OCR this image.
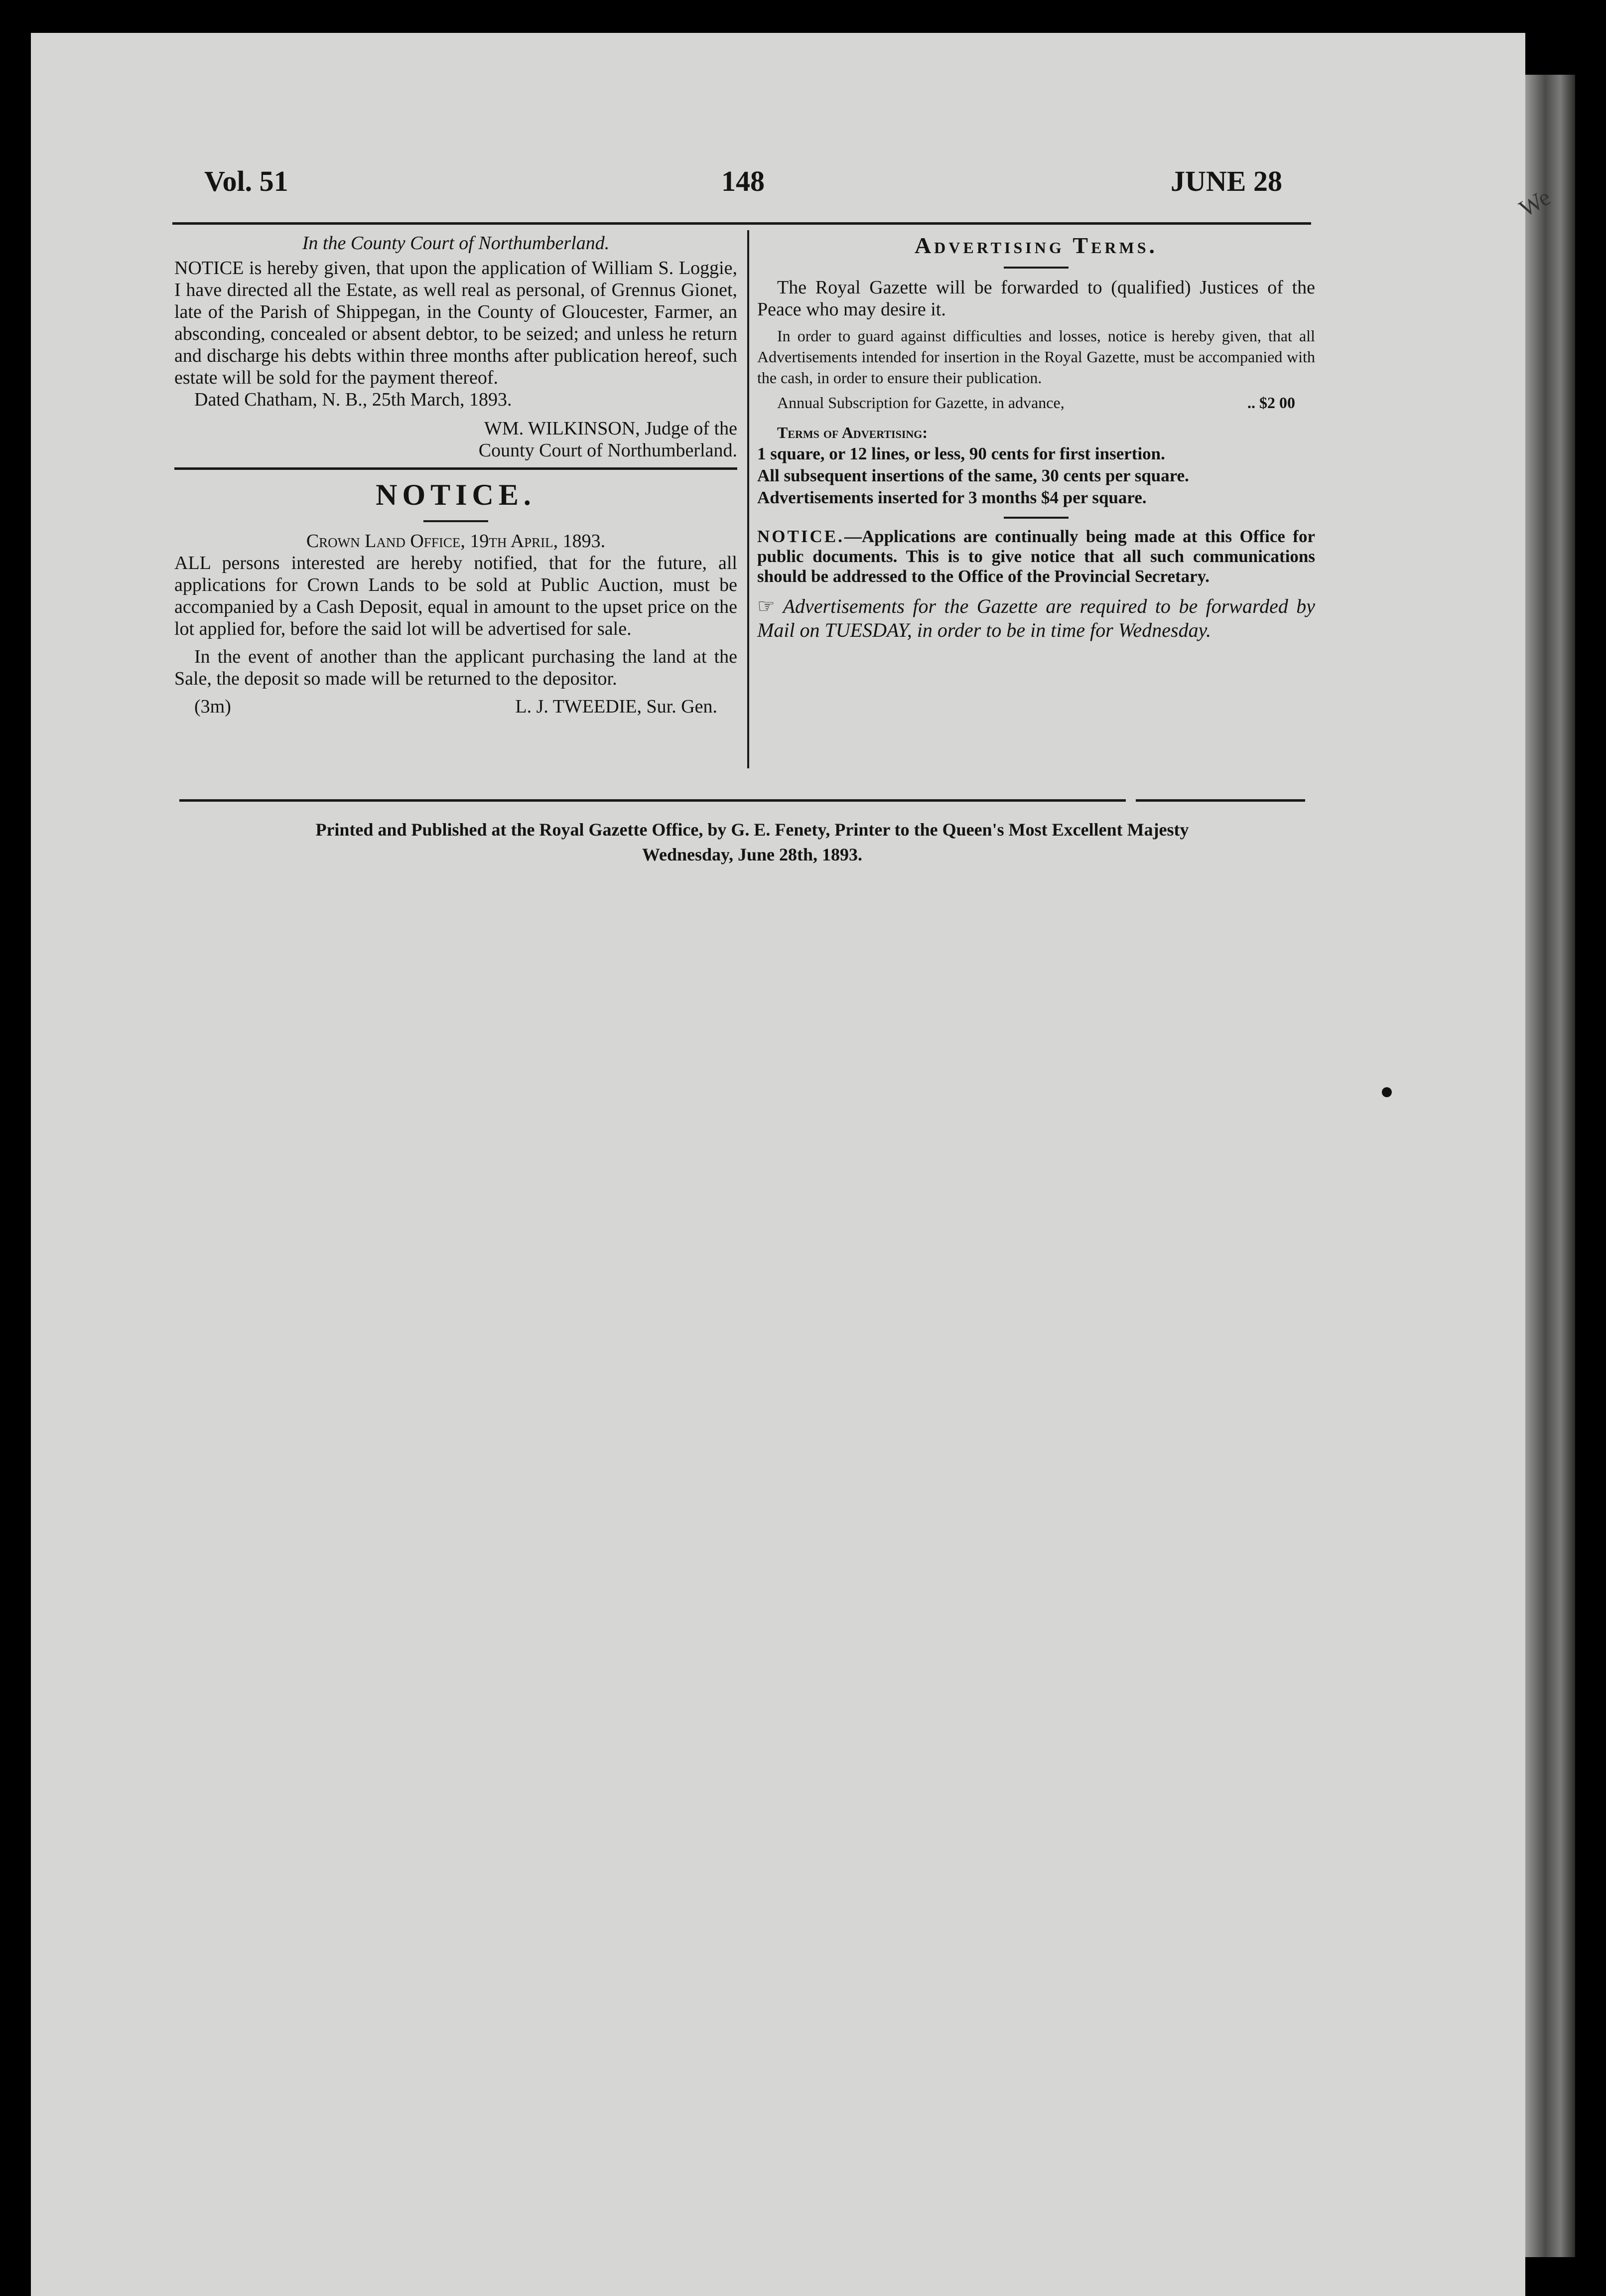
We
Vol. 51	148	JUNE 28

In the County Court of Northumberland.

NOTICE is hereby given, that upon the application of William S. Loggie, I have directed all the Estate, as well real as personal, of Grennus Gionet, late of the Parish of Shippegan, in the County of Gloucester, Farmer, an absconding, concealed or absent debtor, to be seized; and unless he return and discharge his debts within three months after publication hereof, such estate will be sold for the payment thereof.

Dated Chatham, N. B., 25th March, 1893.

WM. WILKINSON, Judge of the

County Court of Northumberland.

NOTICE.

Crown Land Office, 19th April, 1893.

ALL persons interested are hereby notified, that for the future, all applications for Crown Lands to be sold at Public Auction, must be accompanied by a Cash Deposit, equal in amount to the upset price on the lot applied for, before the said lot will be advertised for sale.

In the event of another than the applicant purchasing the land at the Sale, the deposit so made will be returned to the depositor.

(3m)	L. J. TWEEDIE, Sur. Gen.

Advertising Terms.

The Royal Gazette will be forwarded to (qualified) Justices of the Peace who may desire it.

In order to guard against difficulties and losses, notice is hereby given, that all Advertisements intended for insertion in the Royal Gazette, must be accompanied with the cash, in order to ensure their publication.

Annual Subscription for Gazette, in advance,	.. $2 00

Terms of Advertising:

1 square, or 12 lines, or less, 90 cents for first insertion.

All subsequent insertions of the same, 30 cents per square.

Advertisements inserted for 3 months $4 per square.

NOTICE.—Applications are continually being made at this Office for public documents. This is to give notice that all such communications should be addressed to the Office of the Provincial Secretary.

☞ Advertisements for the Gazette are required to be forwarded by Mail on TUESDAY, in order to be in time for Wednesday.

Printed and Published at the Royal Gazette Office, by G. E. Fenety, Printer to the Queen's Most Excellent Majesty
Wednesday, June 28th, 1893.
